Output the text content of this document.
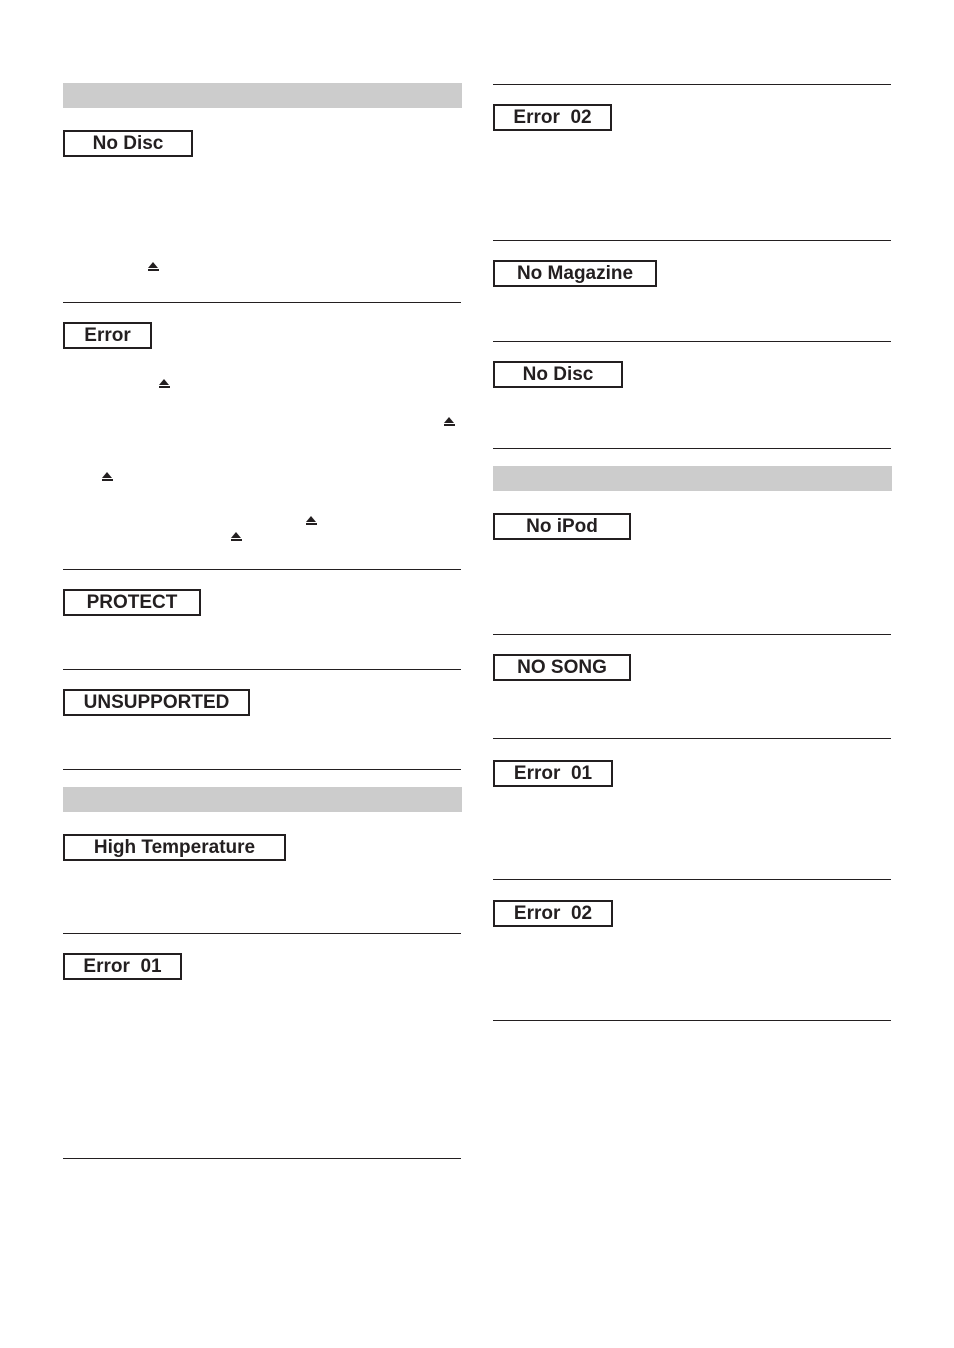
No Disc
Error
PROTECT
UNSUPPORTED
High Temperature
Error  01
Error  02
No Magazine
No Disc
No iPod
NO SONG
Error  01
Error  02
